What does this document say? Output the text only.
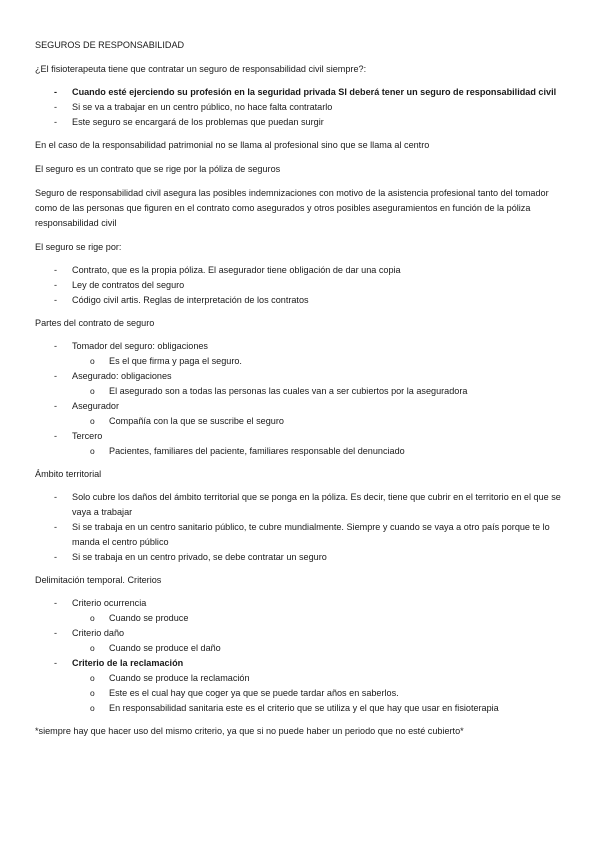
SEGUROS DE RESPONSABILIDAD

¿El fisioterapeuta tiene que contratar un seguro de responsabilidad civil siempre?:

- Cuando esté ejerciendo su profesión en la seguridad privada SI deberá tener un seguro de responsabilidad civil
- Si se va a trabajar en un centro público, no hace falta contratarlo
- Este seguro se encargará de los problemas que puedan surgir

En el caso de la responsabilidad patrimonial no se llama al profesional sino que se llama al centro

El seguro es un contrato que se rige por la póliza de seguros

Seguro de responsabilidad civil asegura las posibles indemnizaciones con motivo de la asistencia profesional tanto del tomador como de las personas que figuren en el contrato como asegurados y otros posibles aseguramientos en función de la póliza responsabilidad civil

El seguro se rige por:

- Contrato, que es la propia póliza. El asegurador tiene obligación de dar una copia
- Ley de contratos del seguro
- Código civil artis. Reglas de interpretación de los contratos

Partes del contrato de seguro

- Tomador del seguro: obligaciones
o Es el que firma y paga el seguro.
- Asegurado: obligaciones
o El asegurado son a todas las personas las cuales van a ser cubiertos por la aseguradora
- Asegurador
o Compañía con la que se suscribe el seguro
- Tercero
o Pacientes, familiares del paciente, familiares responsable del denunciado

Ámbito territorial

- Solo cubre los daños del ámbito territorial que se ponga en la póliza. Es decir, tiene que cubrir en el territorio en el que se vaya a trabajar
- Si se trabaja en un centro sanitario público, te cubre mundialmente. Siempre y cuando se vaya a otro país porque te lo manda el centro público
- Si se trabaja en un centro privado, se debe contratar un seguro

Delimitación temporal. Criterios

- Criterio ocurrencia
o Cuando se produce
- Criterio daño
o Cuando se produce el daño
- Criterio de la reclamación
o Cuando se produce la reclamación
o Este es el cual hay que coger ya que se puede tardar años en saberlos.
o En responsabilidad sanitaria este es el criterio que se utiliza y el que hay que usar en fisioterapia

*siempre hay que hacer uso del mismo criterio, ya que si no puede haber un periodo que no esté cubierto*
